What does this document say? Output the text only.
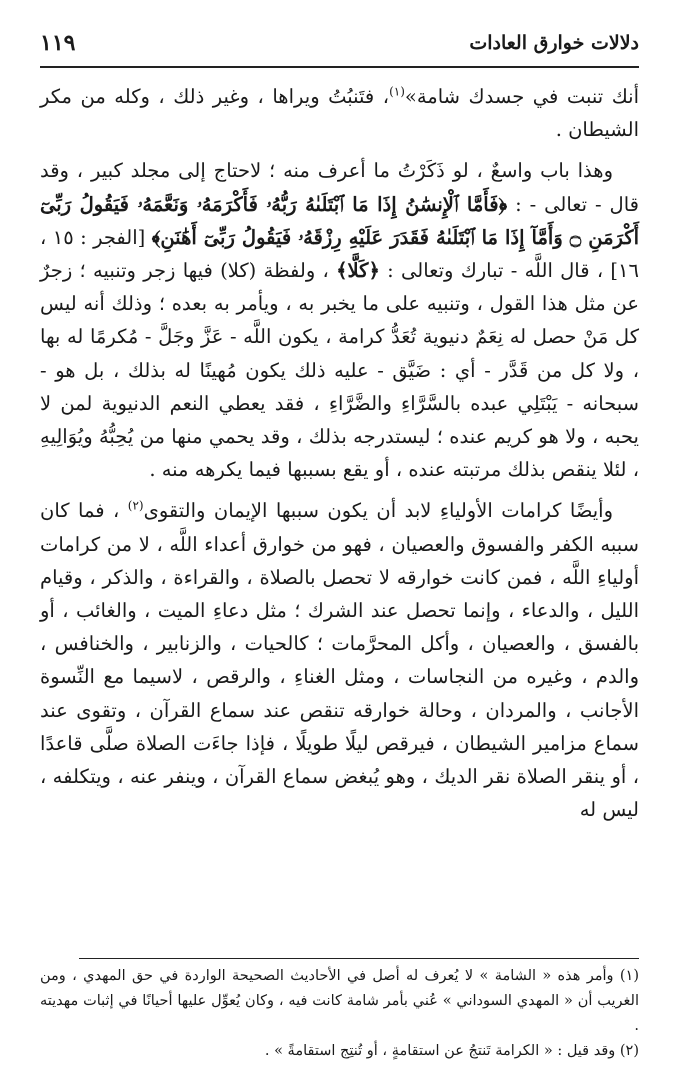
دلالات خوارق العادات
١١٩

أنك تنبت في جسدك شامة»$^{(١)}$، فتَنبُتُ ويراها ، وغير ذلك ، وكله من مكر الشيطان .

وهذا باب واسعٌ ، لو ذَكَرْتُ ما أعرف منه ؛ لاحتاج إلى مجلد كبير ، وقد قال - تعالى - : ﴿فَأَمَّا ٱلْإِنسَٰنُ إِذَا مَا ٱبْتَلَىٰهُ رَبُّهُۥ فَأَكْرَمَهُۥ وَنَعَّمَهُۥ فَيَقُولُ رَبِّىٓ أَكْرَمَنِ ۝ وَأَمَّآ إِذَا مَا ٱبْتَلَىٰهُ فَقَدَرَ عَلَيْهِ رِزْقَهُۥ فَيَقُولُ رَبِّىٓ أَهَٰنَنِ﴾ [الفجر : ١٥ ، ١٦] ، قال اللَّه - تبارك وتعالى : ﴿كَلَّا﴾ ، ولفظة (كلا) فيها زجر وتنبيه ؛ زجرٌ عن مثل هذا القول ، وتنبيه على ما يخبر به ، ويأمر به بعده ؛ وذلك أنه ليس كل مَنْ حصل له نِعَمٌ دنيوية تُعَدُّ كرامة ، يكون اللَّه - عَزَّ وجَلَّ - مُكرمًا له بها ، ولا كل من قَدَّر - أي : ضَيَّق - عليه ذلك يكون مُهينًا له بذلك ، بل هو - سبحانه - يَبْتَلِي عبده بالسَّرَّاءِ والضَّرَّاءِ ، فقد يعطي النعم الدنيوية لمن لا يحبه ، ولا هو كريم عنده ؛ ليستدرجه بذلك ، وقد يحمي منها من يُحِبُّهُ ويُوَالِيهِ ، لئلا ينقص بذلك مرتبته عنده ، أو يقع بسببها فيما يكرهه منه .

وأيضًا كرامات الأولياءِ لابد أن يكون سببها الإيمان والتقوى$^{(٢)}$ ، فما كان سببه الكفر والفسوق والعصيان ، فهو من خوارق أعداء اللَّه ، لا من كرامات أولياءِ اللَّه ، فمن كانت خوارقه لا تحصل بالصلاة ، والقراءة ، والذكر ، وقيام الليل ، والدعاء ، وإنما تحصل عند الشرك ؛ مثل دعاءِ الميت ، والغائب ، أو بالفسق ، والعصيان ، وأكل المحرَّمات ؛ كالحيات ، والزنابير ، والخنافس ، والدم ، وغيره من النجاسات ، ومثل الغناءِ ، والرقص ، لاسيما مع النِّسوة الأجانب ، والمردان ، وحالة خوارقه تنقص عند سماع القرآن ، وتقوى عند سماع مزامير الشيطان ، فيرقص ليلًا طويلًا ، فإذا جاءَت الصلاة صلَّى قاعدًا ، أو ينقر الصلاة نقر الديك ، وهو يُبغض سماع القرآن ، وينفر عنه ، ويتكلفه ، ليس له

(١) وأمر هذه « الشامة » لا يُعرف له أصل في الأحاديث الصحيحة الواردة في حق المهدي ، ومن الغريب أن « المهدي السوداني » عُني بأمر شامة كانت فيه ، وكان يُعوِّل عليها أحيانًا في إثبات مهديته .

(٢) وقد قيل : « الكرامة تَنتجُ عن استقامةٍ ، أو تُنتِج استقامةً » .
